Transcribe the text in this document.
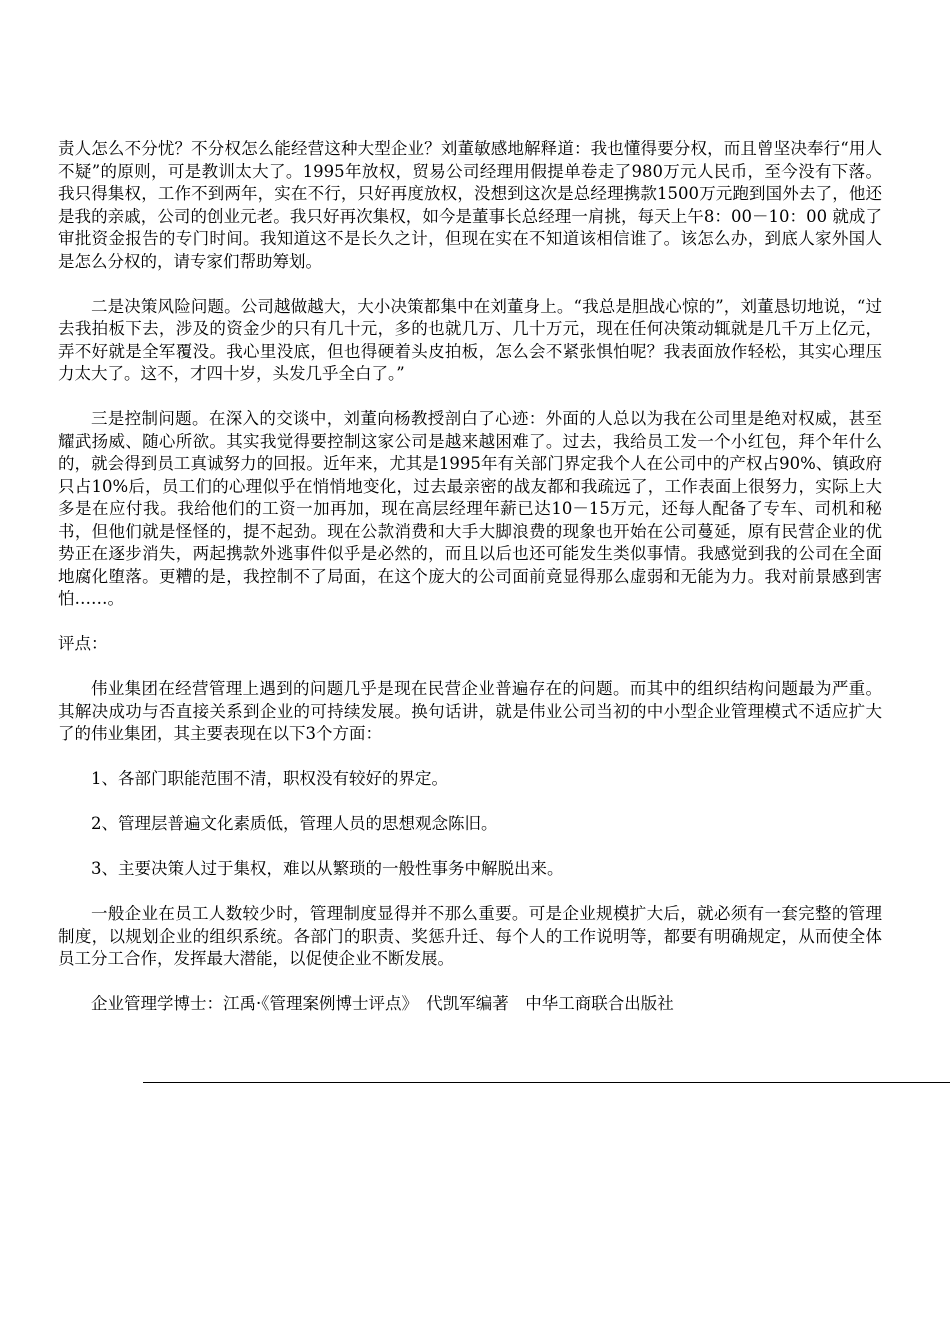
责人怎么不分忧？不分权怎么能经营这种大型企业？刘董敏感地解释道：我也懂得要分权，而且曾坚决奉行“用人不疑”的原则，可是教训太大了。1995年放权，贸易公司经理用假提单卷走了980万元人民币，至今没有下落。我只得集权，工作不到两年，实在不行，只好再度放权，没想到这次是总经理携款1500万元跑到国外去了，他还是我的亲戚，公司的创业元老。我只好再次集权，如今是董事长总经理一肩挑，每天上午8：00－10：00 就成了审批资金报告的专门时间。我知道这不是长久之计，但现在实在不知道该相信谁了。该怎么办，到底人家外国人是怎么分权的，请专家们帮助筹划。

二是决策风险问题。公司越做越大，大小决策都集中在刘董身上。“我总是胆战心惊的”，刘董恳切地说，“过去我拍板下去，涉及的资金少的只有几十元，多的也就几万、几十万元，现在任何决策动辄就是几千万上亿元，弄不好就是全军覆没。我心里没底，但也得硬着头皮拍板，怎么会不紧张惧怕呢？我表面放作轻松，其实心理压力太大了。这不，才四十岁，头发几乎全白了。”

三是控制问题。在深入的交谈中，刘董向杨教授剖白了心迹：外面的人总以为我在公司里是绝对权威，甚至耀武扬威、随心所欲。其实我觉得要控制这家公司是越来越困难了。过去，我给员工发一个小红包，拜个年什么的，就会得到员工真诚努力的回报。近年来，尤其是1995年有关部门界定我个人在公司中的产权占90%、镇政府只占10%后，员工们的心理似乎在悄悄地变化，过去最亲密的战友都和我疏远了，工作表面上很努力，实际上大多是在应付我。我给他们的工资一加再加，现在高层经理年薪已达10－15万元，还每人配备了专车、司机和秘书，但他们就是怪怪的，提不起劲。现在公款消费和大手大脚浪费的现象也开始在公司蔓延，原有民营企业的优势正在逐步消失，两起携款外逃事件似乎是必然的，而且以后也还可能发生类似事情。我感觉到我的公司在全面地腐化堕落。更糟的是，我控制不了局面，在这个庞大的公司面前竟显得那么虚弱和无能为力。我对前景感到害怕……。

评点：

伟业集团在经营管理上遇到的问题几乎是现在民营企业普遍存在的问题。而其中的组织结构问题最为严重。其解决成功与否直接关系到企业的可持续发展。换句话讲，就是伟业公司当初的中小型企业管理模式不适应扩大了的伟业集团，其主要表现在以下3个方面：

1、各部门职能范围不清，职权没有较好的界定。

2、管理层普遍文化素质低，管理人员的思想观念陈旧。

3、主要决策人过于集权，难以从繁琐的一般性事务中解脱出来。

一般企业在员工人数较少时，管理制度显得并不那么重要。可是企业规模扩大后，就必须有一套完整的管理制度，以规划企业的组织系统。各部门的职责、奖惩升迁、每个人的工作说明等，都要有明确规定，从而使全体员工分工合作，发挥最大潜能，以促使企业不断发展。

企业管理学博士：江禹·《管理案例博士评点》　代凯军编著　中华工商联合出版社
